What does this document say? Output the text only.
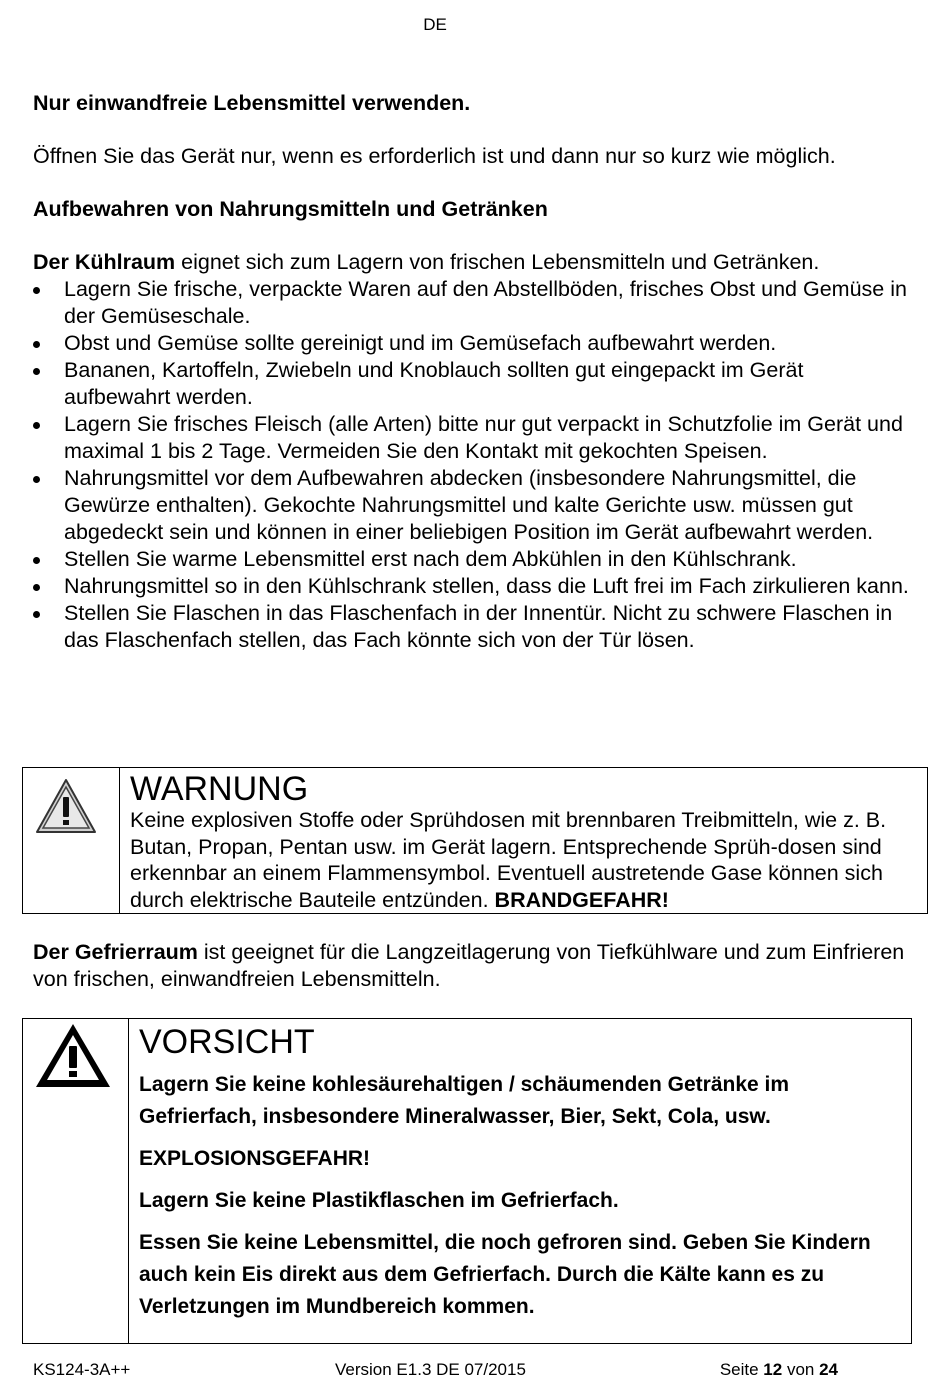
DE

Nur einwandfreie Lebensmittel verwenden.

Öffnen Sie das Gerät nur, wenn es erforderlich ist und dann nur so kurz wie möglich.

Aufbewahren von Nahrungsmitteln und Getränken

Der Kühlraum eignet sich zum Lagern von frischen Lebensmitteln und Getränken.

Lagern Sie frische, verpackte Waren auf den Abstellböden, frisches Obst und Gemüse in der Gemüseschale.
Obst und Gemüse sollte gereinigt und im Gemüsefach aufbewahrt werden.
Bananen, Kartoffeln, Zwiebeln und Knoblauch sollten gut eingepackt im Gerät aufbewahrt werden.
Lagern Sie frisches Fleisch (alle Arten) bitte nur gut verpackt in Schutzfolie im Gerät und maximal 1 bis 2 Tage. Vermeiden Sie den Kontakt mit gekochten Speisen.
Nahrungsmittel vor dem Aufbewahren abdecken (insbesondere Nahrungsmittel, die Gewürze enthalten). Gekochte Nahrungsmittel und kalte Gerichte usw. müssen gut abgedeckt sein und können in einer beliebigen Position im Gerät aufbewahrt werden.
Stellen Sie warme Lebensmittel erst nach dem Abkühlen in den Kühlschrank.
Nahrungsmittel so in den Kühlschrank stellen, dass die Luft frei im Fach zirkulieren kann.
Stellen Sie Flaschen in das Flaschenfach in der Innentür. Nicht zu schwere Flaschen in das Flaschenfach stellen, das Fach könnte sich von der Tür lösen.
WARNUNG

Keine explosiven Stoffe oder Sprühdosen mit brennbaren Treibmitteln, wie z. B. Butan, Propan, Pentan usw. im Gerät lagern. Entsprechende Sprüh-dosen sind erkennbar an einem Flammensymbol. Eventuell austretende Gase können sich durch elektrische Bauteile entzünden. BRANDGEFAHR!

Der Gefrierraum ist geeignet für die Langzeitlagerung von Tiefkühlware und zum Einfrieren von frischen, einwandfreien Lebensmitteln.

VORSICHT

Lagern Sie keine kohlesäurehaltigen / schäumenden Getränke im Gefrierfach, insbesondere Mineralwasser, Bier, Sekt, Cola, usw.

EXPLOSIONSGEFAHR!

Lagern Sie keine Plastikflaschen im Gefrierfach.

Essen Sie keine Lebensmittel, die noch gefroren sind. Geben Sie Kindern auch kein Eis direkt aus dem Gefrierfach. Durch die Kälte kann es zu Verletzungen im Mundbereich kommen.

KS124-3A++	Version E1.3 DE 07/2015	Seite 12 von 24
